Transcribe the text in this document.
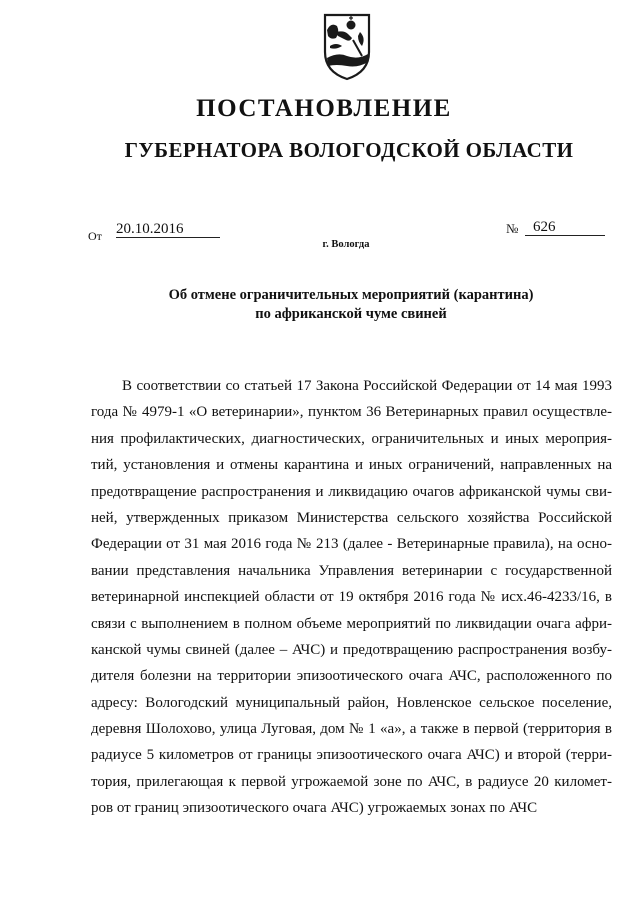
ПОСТАНОВЛЕНИЕ
ГУБЕРНАТОРА ВОЛОГОДСКОЙ ОБЛАСТИ
От 20.10.2016	№ 626
г. Вологда
Об отмене ограничительных мероприятий (карантина)
по африканской чуме свиней
В соответствии со статьей 17 Закона Российской Федерации от 14 мая 1993
года № 4979-1 «О ветеринарии», пунктом 36 Ветеринарных правил осуществле-
ния профилактических, диагностических, ограничительных и иных мероприя-
тий, установления и отмены карантина и иных ограничений, направленных на
предотвращение распространения и ликвидацию очагов африканской чумы сви-
ней, утвержденных приказом Министерства сельского хозяйства Российской
Федерации от 31 мая 2016 года № 213 (далее - Ветеринарные правила), на осно-
вании представления начальника Управления ветеринарии с государственной
ветеринарной инспекцией области от 19 октября 2016 года № исх.46-4233/16, в
связи с выполнением в полном объеме мероприятий по ликвидации очага афри-
канской чумы свиней (далее – АЧС) и предотвращению распространения возбу-
дителя болезни на территории эпизоотического очага АЧС, расположенного по
адресу: Вологодский муниципальный район, Новленское сельское поселение,
деревня Шолохово, улица Луговая, дом № 1 «а», а также в первой (территория в
радиусе 5 километров от границы эпизоотического очага АЧС) и второй (терри-
тория, прилегающая к первой угрожаемой зоне по АЧС, в радиусе 20 километ-
ров от границ эпизоотического очага АЧС) угрожаемых зонах по АЧС
